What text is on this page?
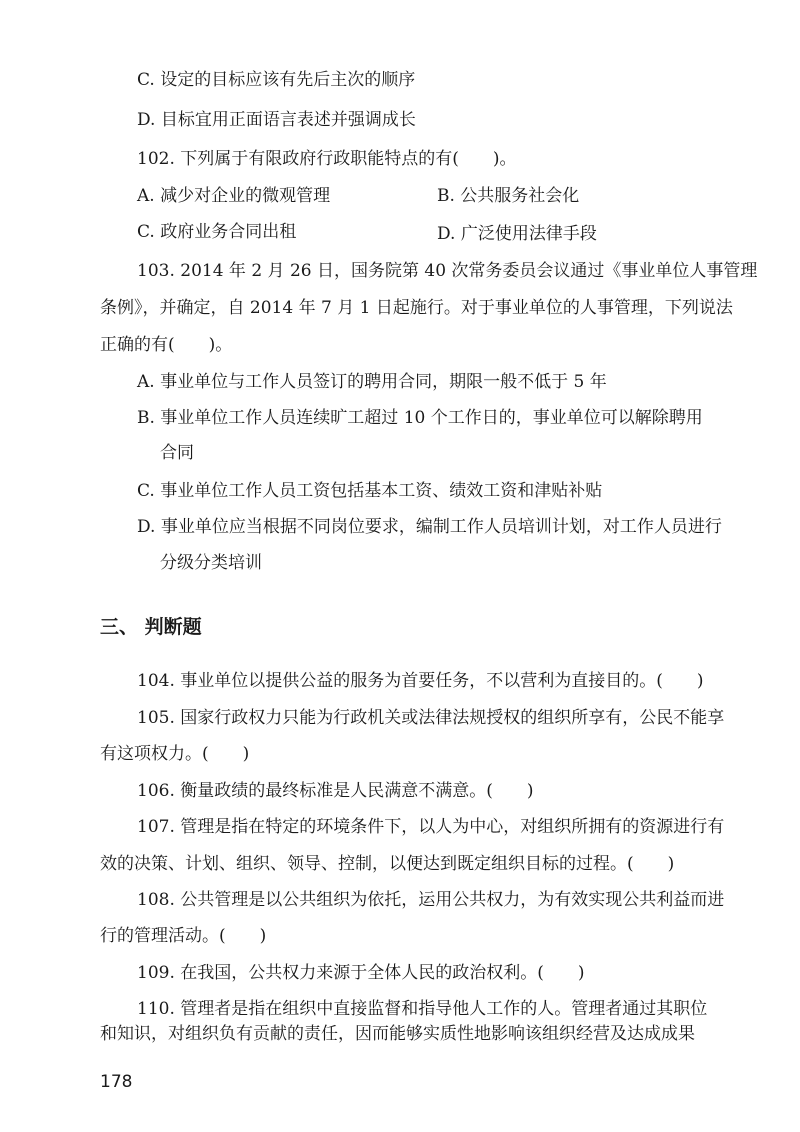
C. 设定的目标应该有先后主次的顺序
D. 目标宜用正面语言表述并强调成长
102. 下列属于有限政府行政职能特点的有(　　)。
A. 减少对企业的微观管理	B. 公共服务社会化
C. 政府业务合同出租	D. 广泛使用法律手段
103. 2014 年 2 月 26 日，国务院第 40 次常务委员会议通过《事业单位人事管理
条例》，并确定，自 2014 年 7 月 1 日起施行。对于事业单位的人事管理，下列说法
正确的有(　　)。
A. 事业单位与工作人员签订的聘用合同，期限一般不低于 5 年
B. 事业单位工作人员连续旷工超过 10 个工作日的，事业单位可以解除聘用
合同
C. 事业单位工作人员工资包括基本工资、绩效工资和津贴补贴
D. 事业单位应当根据不同岗位要求，编制工作人员培训计划，对工作人员进行
分级分类培训
三、 判断题
104. 事业单位以提供公益的服务为首要任务，不以营利为直接目的。(　　)
105. 国家行政权力只能为行政机关或法律法规授权的组织所享有，公民不能享
有这项权力。(　　)
106. 衡量政绩的最终标准是人民满意不满意。(　　)
107. 管理是指在特定的环境条件下，以人为中心，对组织所拥有的资源进行有
效的决策、计划、组织、领导、控制，以便达到既定组织目标的过程。(　　)
108. 公共管理是以公共组织为依托，运用公共权力，为有效实现公共利益而进
行的管理活动。(　　)
109. 在我国，公共权力来源于全体人民的政治权利。(　　)
110. 管理者是指在组织中直接监督和指导他人工作的人。管理者通过其职位
和知识，对组织负有贡献的责任，因而能够实质性地影响该组织经营及达成成果
178
